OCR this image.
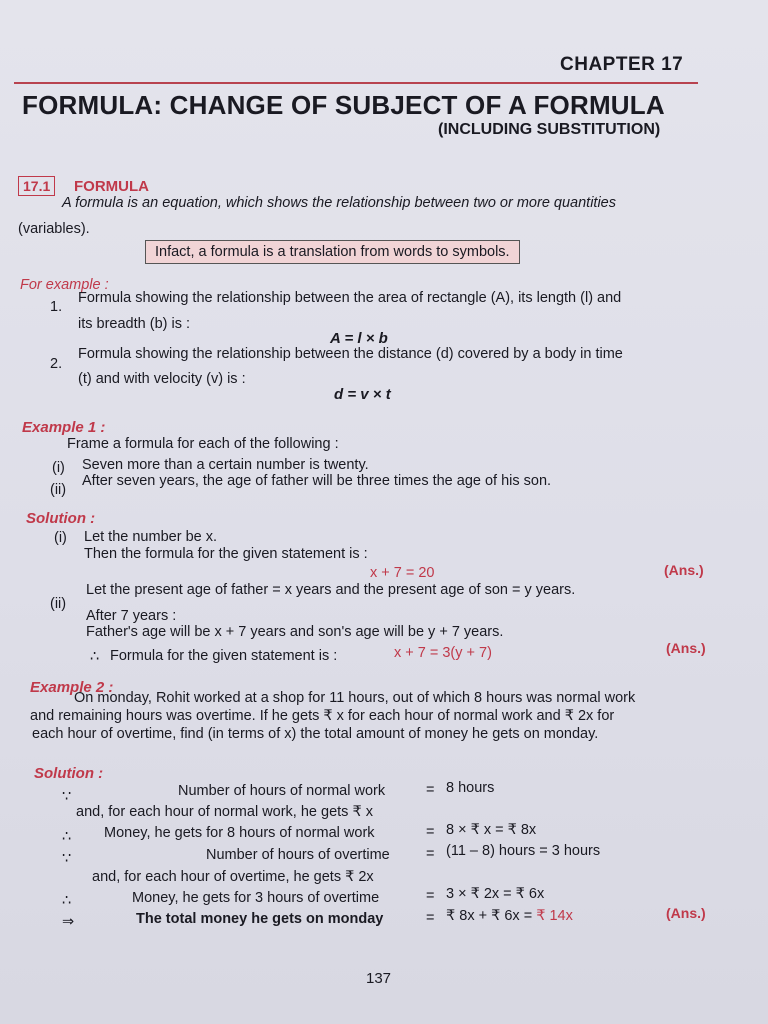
CHAPTER 17
FORMULA: CHANGE OF SUBJECT OF A FORMULA
(INCLUDING SUBSTITUTION)
17.1	FORMULA
A formula is an equation, which shows the relationship between two or more quantities
(variables).
Infact, a formula is a translation from words to symbols.
For example :
1.
Formula showing the relationship between the area of rectangle (A), its length (l) and
its breadth (b) is :
A = l × b
2.
Formula showing the relationship between the distance (d) covered by a body in time
(t) and with velocity (v) is :
d = v × t
Example 1 :
Frame a formula for each of the following :
(i) Seven more than a certain number is twenty.
(ii)
After seven years, the age of father will be three times the age of his son.
Solution :
(i) Let the number be x.
Then the formula for the given statement is :
x + 7 = 20	(Ans.)
(ii)
Let the present age of father = x years and the present age of son = y years.
After 7 years :
Father's age will be x + 7 years and son's age will be y + 7 years.
∴ Formula for the given statement is :	x + 7 = 3(y + 7)	(Ans.)
Example 2 :
On monday, Rohit worked at a shop for 11 hours, out of which 8 hours was normal work
and remaining hours was overtime. If he gets ₹ x for each hour of normal work and ₹ 2x for
each hour of overtime, find (in terms of x) the total amount of money he gets on monday.
Solution :
∵	Number of hours of normal work	= 8 hours
and, for each hour of normal work, he gets ₹ x
∴ Money, he gets for 8 hours of normal work	= 8 × ₹ x = ₹ 8x
∵	Number of hours of overtime	= (11 – 8) hours = 3 hours
and, for each hour of overtime, he gets ₹ 2x
∴	Money, he gets for 3 hours of overtime	= 3 × ₹ 2x = ₹ 6x
⇒	The total money he gets on monday	= ₹ 8x + ₹ 6x = ₹ 14x	(Ans.)
137
